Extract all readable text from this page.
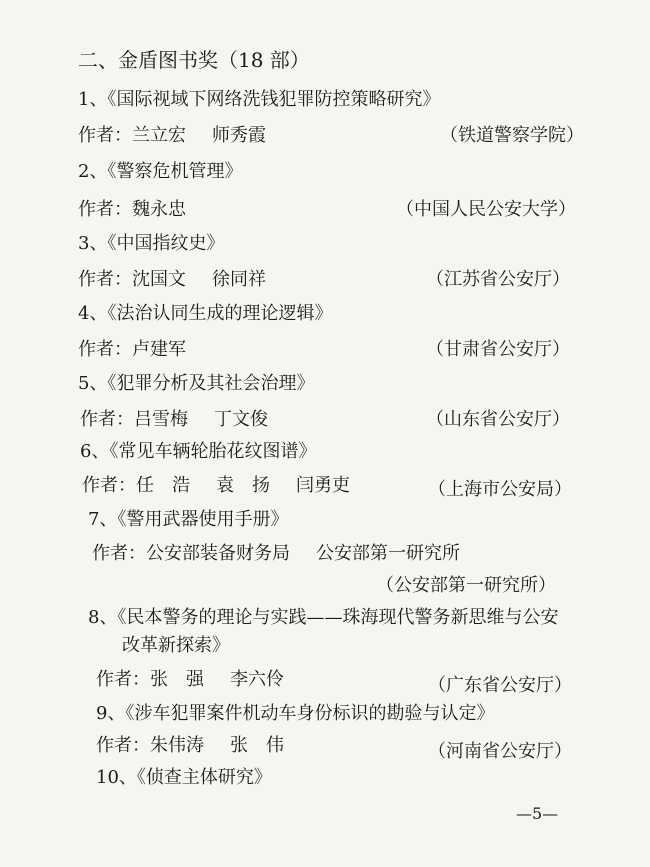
二、金盾图书奖（18 部）
1、《国际视域下网络洗钱犯罪防控策略研究》
作者：兰立宏 师秀霞	（铁道警察学院）
2、《警察危机管理》
作者：魏永忠	（中国人民公安大学）
3、《中国指纹史》
作者：沈国文 徐同祥	（江苏省公安厅）
4、《法治认同生成的理论逻辑》
作者：卢建军	（甘肃省公安厅）
5、《犯罪分析及其社会治理》
作者：吕雪梅 丁文俊	（山东省公安厅）
6、《常见车辆轮胎花纹图谱》
作者：任　浩 袁　扬 闫勇吏	（上海市公安局）
7、《警用武器使用手册》
作者：公安部装备财务局 公安部第一研究所
（公安部第一研究所）
8、《民本警务的理论与实践——珠海现代警务新思维与公安
改革新探索》
作者：张　强 李六伶	（广东省公安厅）
9、《涉车犯罪案件机动车身份标识的勘验与认定》
作者：朱伟涛 张　伟	（河南省公安厅）
10、《侦查主体研究》
—5—
